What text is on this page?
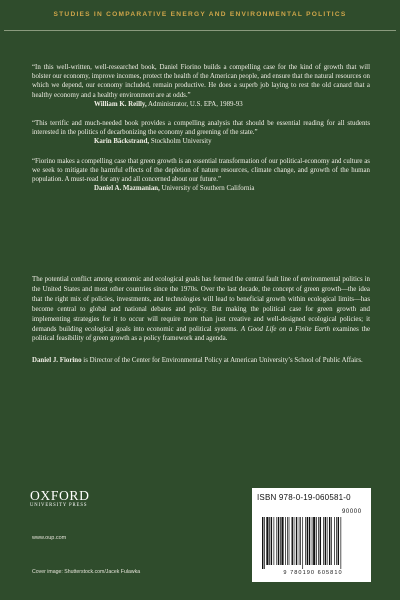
STUDIES IN COMPARATIVE ENERGY AND ENVIRONMENTAL POLITICS

“In this well-written, well-researched book, Daniel Fiorino builds a compelling case for the kind of growth that will bolster our economy, improve incomes, protect the health of the American people, and ensure that the natural resources on which we depend, our economy included, remain productive. He does a superb job laying to rest the old canard that a healthy economy and a healthy environment are at odds.”

William K. Reilly, Administrator, U.S. EPA, 1989-93

“This terrific and much-needed book provides a compelling analysis that should be essential reading for all students interested in the politics of decarbonizing the economy and greening of the state.”

Karin Bäckstrand, Stockholm University

“Fiorino makes a compelling case that green growth is an essential transformation of our political-economy and culture as we seek to mitigate the harmful effects of the depletion of nature resources, climate change, and growth of the human population. A must-read for any and all concerned about our future.”

Daniel A. Mazmanian, University of Southern California

The potential conflict among economic and ecological goals has formed the central fault line of environmental politics in the United States and most other countries since the 1970s. Over the last decade, the concept of green growth—the idea that the right mix of policies, investments, and technologies will lead to beneficial growth within ecological limits—has become central to global and national debates and policy. But making the political case for green growth and implementing strategies for it to occur will require more than just creative and well-designed ecological policies; it demands building ecological goals into economic and political systems. A Good Life on a Finite Earth examines the political feasibility of green growth as a policy framework and agenda.

Daniel J. Fiorino is Director of the Center for Environmental Policy at American University’s School of Public Affairs.

OXFORD
UNIVERSITY PRESS
www.oup.com
Cover image: Shutterstock.com/Jacek Fulawka
ISBN 978-0-19-060581-0
90000
9 780190 605810
